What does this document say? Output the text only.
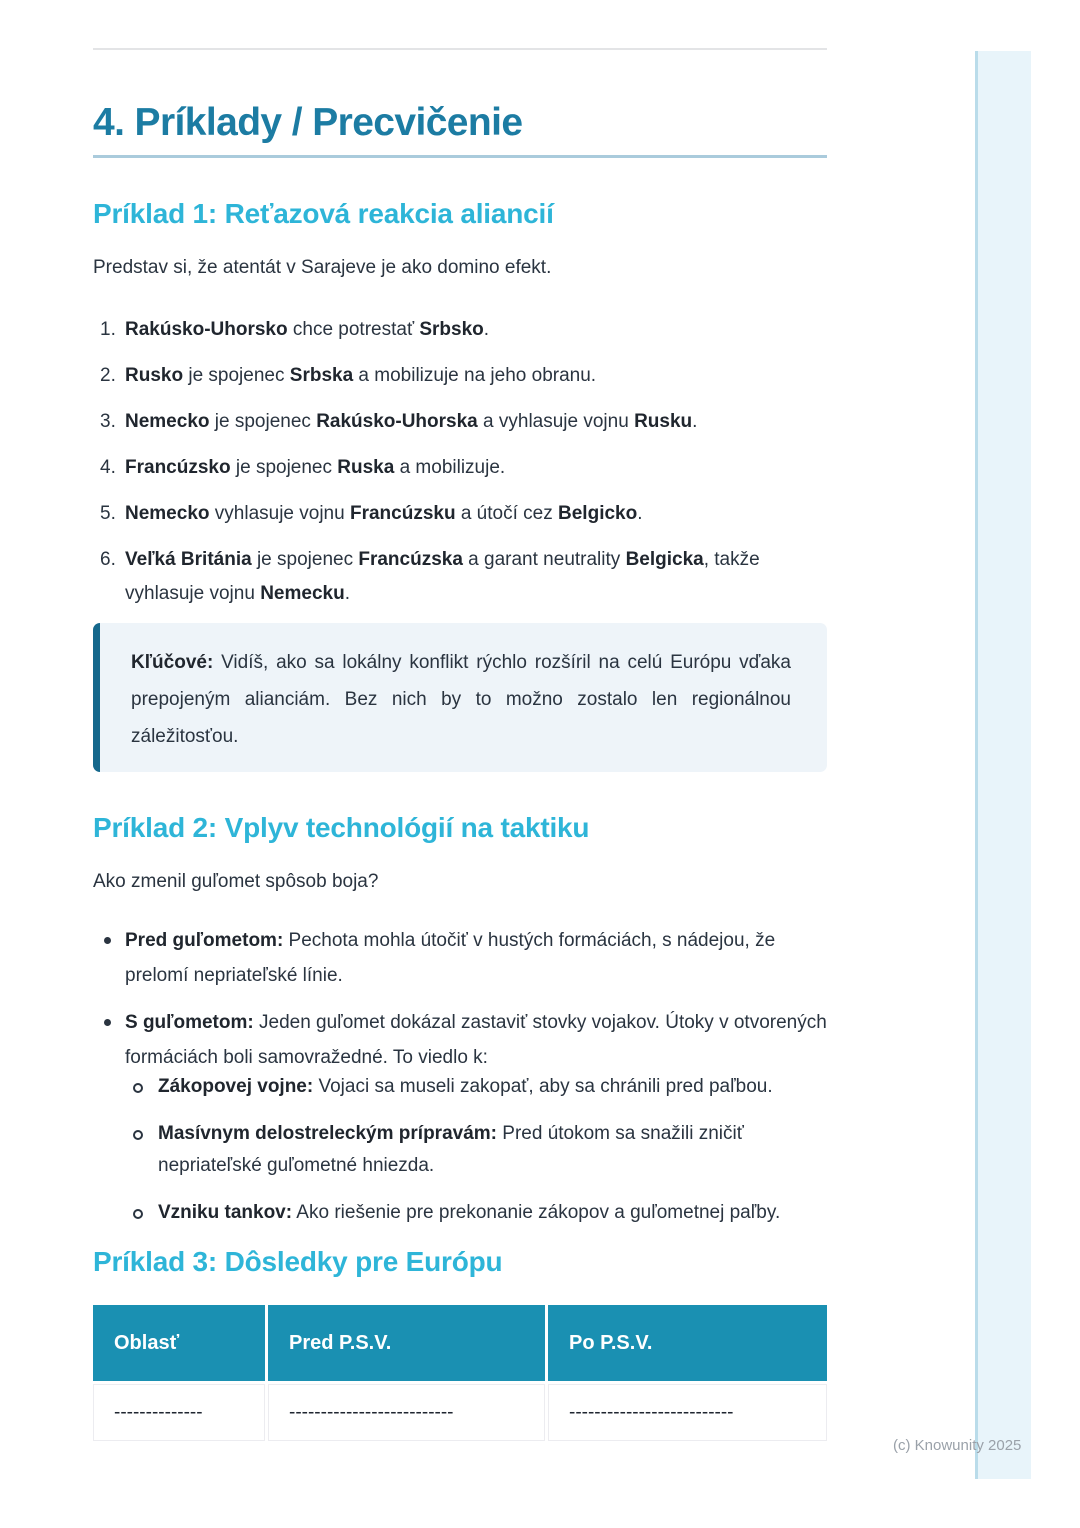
(c) Knowunity 2025
4. Príklady / Precvičenie
Príklad 1: Reťazová reakcia aliancií

Predstav si, že atentát v Sarajeve je ako domino efekt.

Rakúsko-Uhorsko chce potrestať Srbsko.
Rusko je spojenec Srbska a mobilizuje na jeho obranu.
Nemecko je spojenec Rakúsko-Uhorska a vyhlasuje vojnu Rusku.
Francúzsko je spojenec Ruska a mobilizuje.
Nemecko vyhlasuje vojnu Francúzsku a útočí cez Belgicko.
Veľká Británia je spojenec Francúzska a garant neutrality Belgicka, takže vyhlasuje vojnu Nemecku.

Kľúčové: Vidíš, ako sa lokálny konflikt rýchlo rozšíril na celú Európu vďaka prepojeným alianciám. Bez nich by to možno zostalo len regionálnou záležitosťou.

Príklad 2: Vplyv technológií na taktiku

Ako zmenil guľomet spôsob boja?

Pred guľometom: Pechota mohla útočiť v hustých formáciách, s nádejou, že prelomí nepriateľské línie.
S guľometom: Jeden guľomet dokázal zastaviť stovky vojakov. Útoky v otvorených formáciách boli samovražedné. To viedlo k:
Zákopovej vojne: Vojaci sa museli zakopať, aby sa chránili pred paľbou.
Masívnym delostreleckým prípravám: Pred útokom sa snažili zničiť nepriateľské guľometné hniezda.
Vzniku tankov: Ako riešenie pre prekonanie zákopov a guľometnej paľby.
Príklad 3: Dôsledky pre Európu
Oblasť	Pred P.S.V.	Po P.S.V.
--------------	--------------------------	--------------------------
